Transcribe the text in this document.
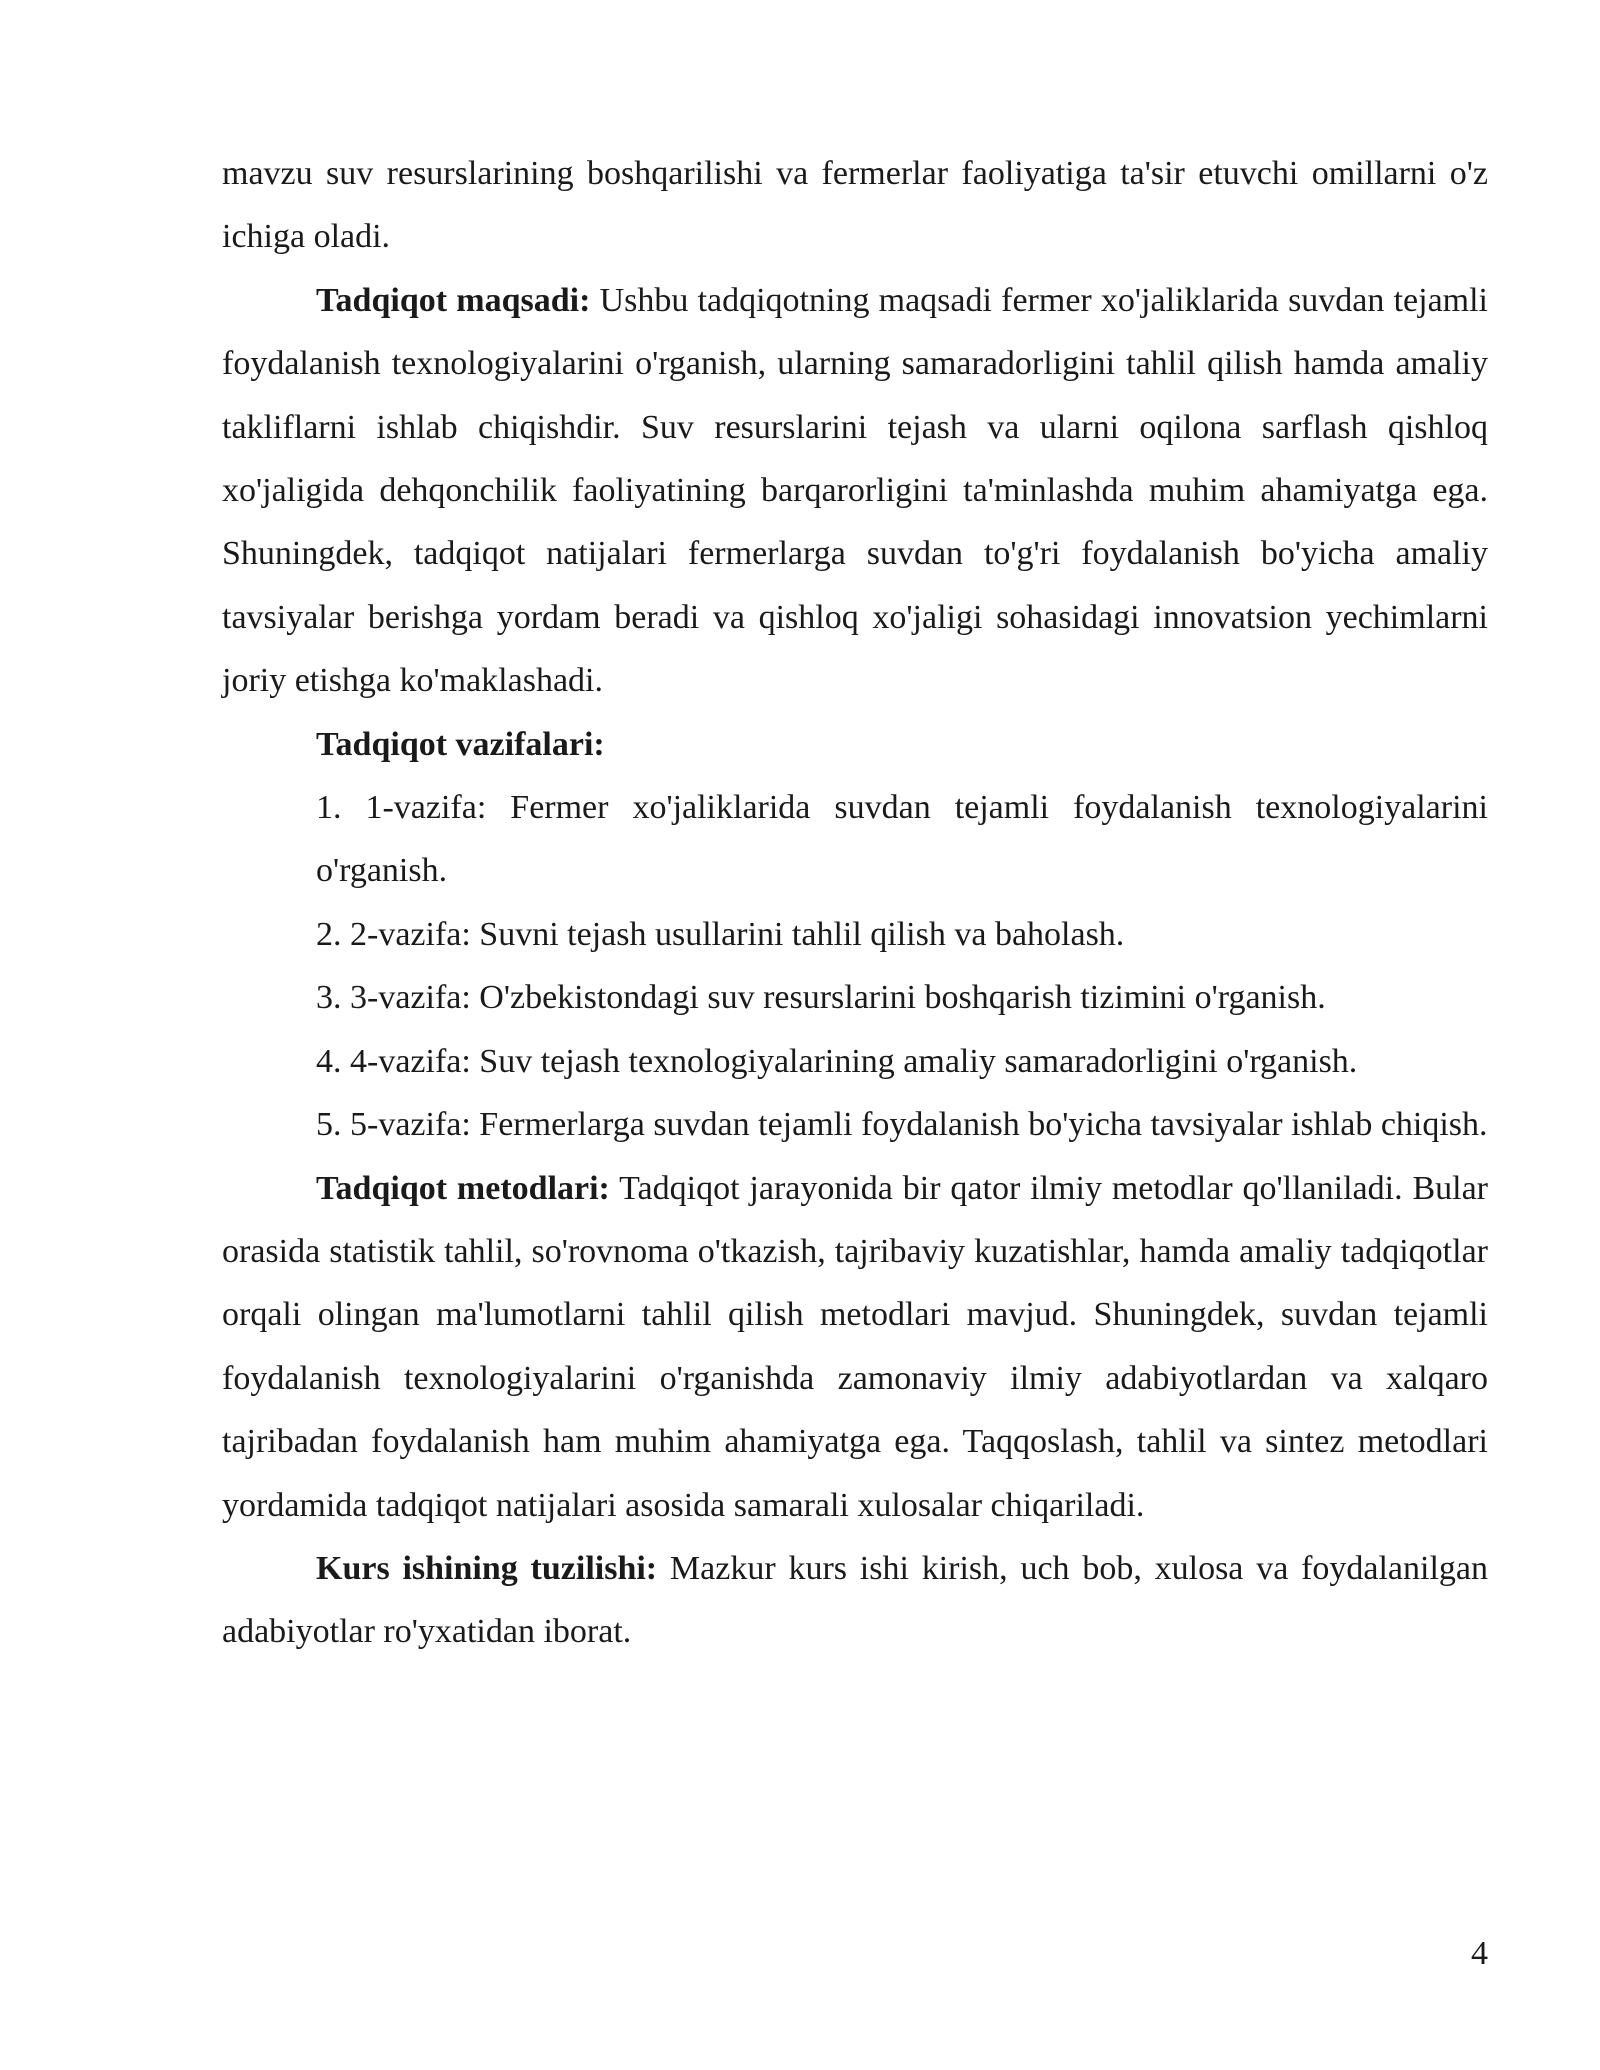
mavzu suv resurslarining boshqarilishi va fermerlar faoliyatiga ta'sir etuvchi omillarni o'z ichiga oladi.

Tadqiqot maqsadi: Ushbu tadqiqotning maqsadi fermer xo'jaliklarida suvdan tejamli foydalanish texnologiyalarini o'rganish, ularning samaradorligini tahlil qilish hamda amaliy takliflarni ishlab chiqishdir. Suv resurslarini tejash va ularni oqilona sarflash qishloq xo'jaligida dehqonchilik faoliyatining barqarorligini ta'minlashda muhim ahamiyatga ega. Shuningdek, tadqiqot natijalari fermerlarga suvdan to'g'ri foydalanish bo'yicha amaliy tavsiyalar berishga yordam beradi va qishloq xo'jaligi sohasidagi innovatsion yechimlarni joriy etishga ko'maklashadi.

Tadqiqot vazifalari:

1. 1-vazifa: Fermer xo'jaliklarida suvdan tejamli foydalanish texnologiyalarini o'rganish.

2. 2-vazifa: Suvni tejash usullarini tahlil qilish va baholash.

3. 3-vazifa: O'zbekistondagi suv resurslarini boshqarish tizimini o'rganish.

4. 4-vazifa: Suv tejash texnologiyalarining amaliy samaradorligini o'rganish.

5. 5-vazifa: Fermerlarga suvdan tejamli foydalanish bo'yicha tavsiyalar ishlab chiqish.

Tadqiqot metodlari: Tadqiqot jarayonida bir qator ilmiy metodlar qo'llaniladi. Bular orasida statistik tahlil, so'rovnoma o'tkazish, tajribaviy kuzatishlar, hamda amaliy tadqiqotlar orqali olingan ma'lumotlarni tahlil qilish metodlari mavjud. Shuningdek, suvdan tejamli foydalanish texnologiyalarini o'rganishda zamonaviy ilmiy adabiyotlardan va xalqaro tajribadan foydalanish ham muhim ahamiyatga ega. Taqqoslash, tahlil va sintez metodlari yordamida tadqiqot natijalari asosida samarali xulosalar chiqariladi.

Kurs ishining tuzilishi: Mazkur kurs ishi kirish, uch bob, xulosa va foydalanilgan adabiyotlar ro'yxatidan iborat.

4
